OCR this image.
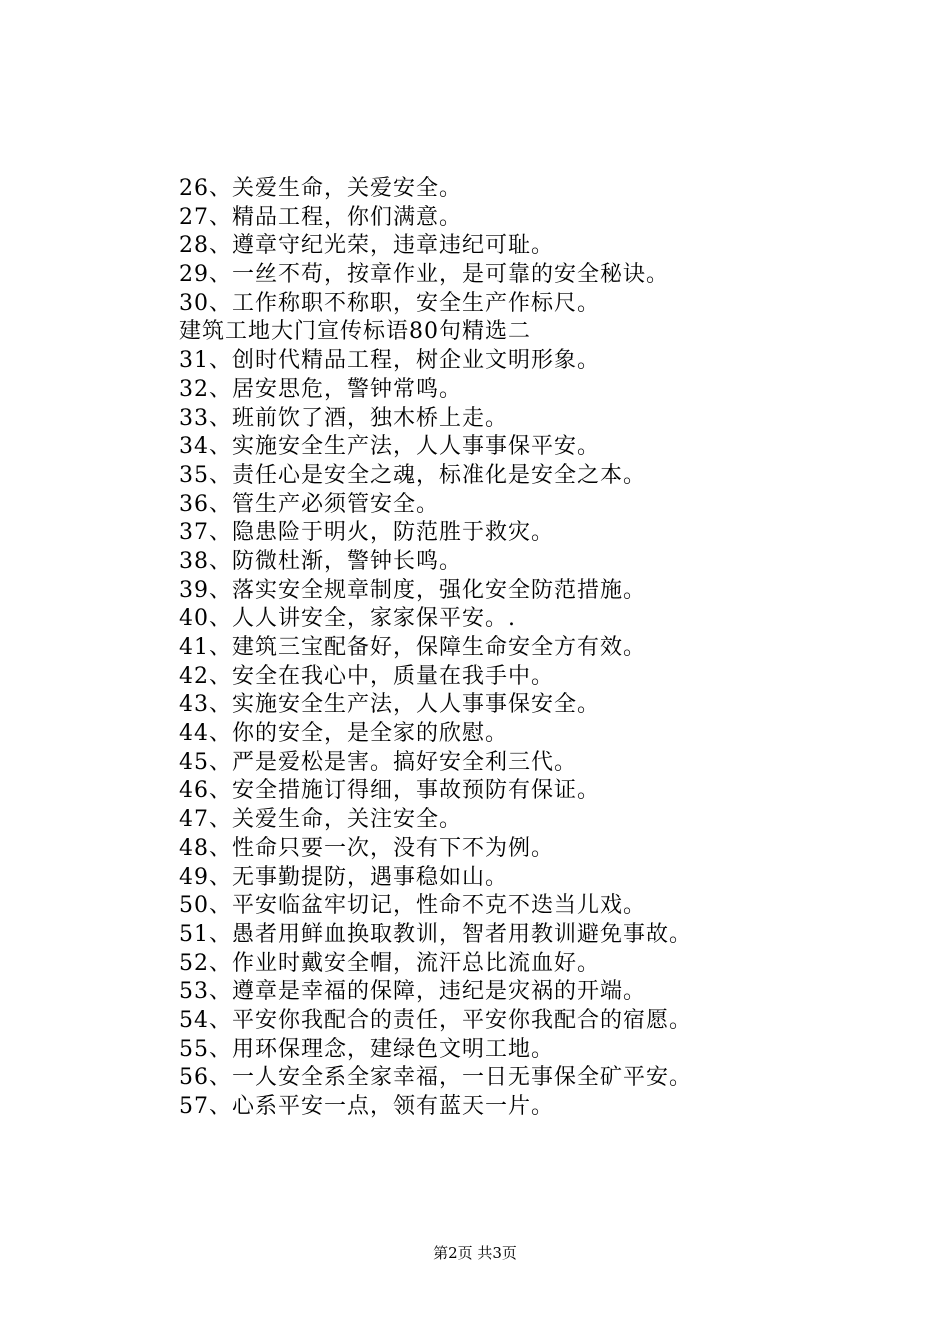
26、关爱生命，关爱安全。
27、精品工程，你们满意。
28、遵章守纪光荣，违章违纪可耻。
29、一丝不苟，按章作业，是可靠的安全秘诀。
30、工作称职不称职，安全生产作标尺。
建筑工地大门宣传标语80句精选二
31、创时代精品工程，树企业文明形象。
32、居安思危，警钟常鸣。
33、班前饮了酒，独木桥上走。
34、实施安全生产法，人人事事保平安。
35、责任心是安全之魂，标准化是安全之本。
36、管生产必须管安全。
37、隐患险于明火，防范胜于救灾。
38、防微杜渐，警钟长鸣。
39、落实安全规章制度，强化安全防范措施。
40、人人讲安全，家家保平安。.
41、建筑三宝配备好，保障生命安全方有效。
42、安全在我心中，质量在我手中。
43、实施安全生产法，人人事事保安全。
44、你的安全，是全家的欣慰。
45、严是爱松是害。搞好安全利三代。
46、安全措施订得细，事故预防有保证。
47、关爱生命，关注安全。
48、性命只要一次，没有下不为例。
49、无事勤提防，遇事稳如山。
50、平安临盆牢切记，性命不克不迭当儿戏。
51、愚者用鲜血换取教训，智者用教训避免事故。
52、作业时戴安全帽，流汗总比流血好。
53、遵章是幸福的保障，违纪是灾祸的开端。
54、平安你我配合的责任，平安你我配合的宿愿。
55、用环保理念，建绿色文明工地。
56、一人安全系全家幸福，一日无事保全矿平安。
57、心系平安一点，领有蓝天一片。
第2页 共3页
